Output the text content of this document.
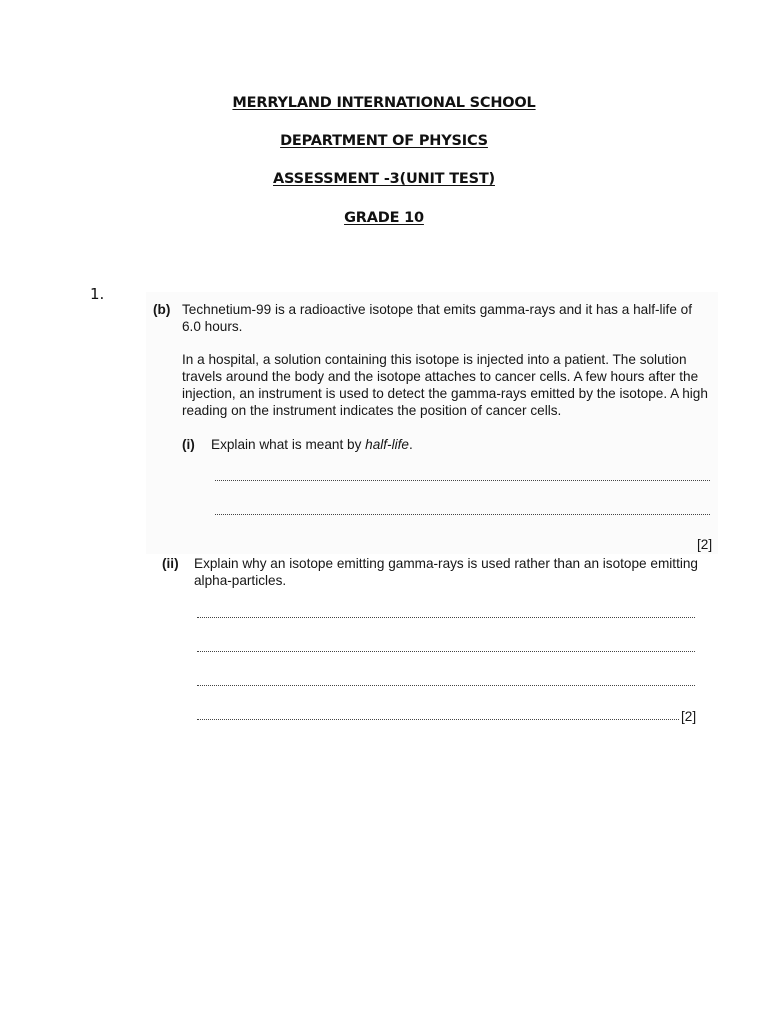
MERRYLAND INTERNATIONAL SCHOOL
DEPARTMENT OF PHYSICS
ASSESSMENT -3(UNIT TEST)
GRADE 10
1.
(b) Technetium-99 is a radioactive isotope that emits gamma-rays and it has a half-life of
6.0 hours.
In a hospital, a solution containing this isotope is injected into a patient. The solution
travels around the body and the isotope attaches to cancer cells. A few hours after the
injection, an instrument is used to detect the gamma-rays emitted by the isotope. A high
reading on the instrument indicates the position of cancer cells.
(i) Explain what is meant by half-life.
[2]
(ii) Explain why an isotope emitting gamma-rays is used rather than an isotope emitting
alpha-particles.
[2]
